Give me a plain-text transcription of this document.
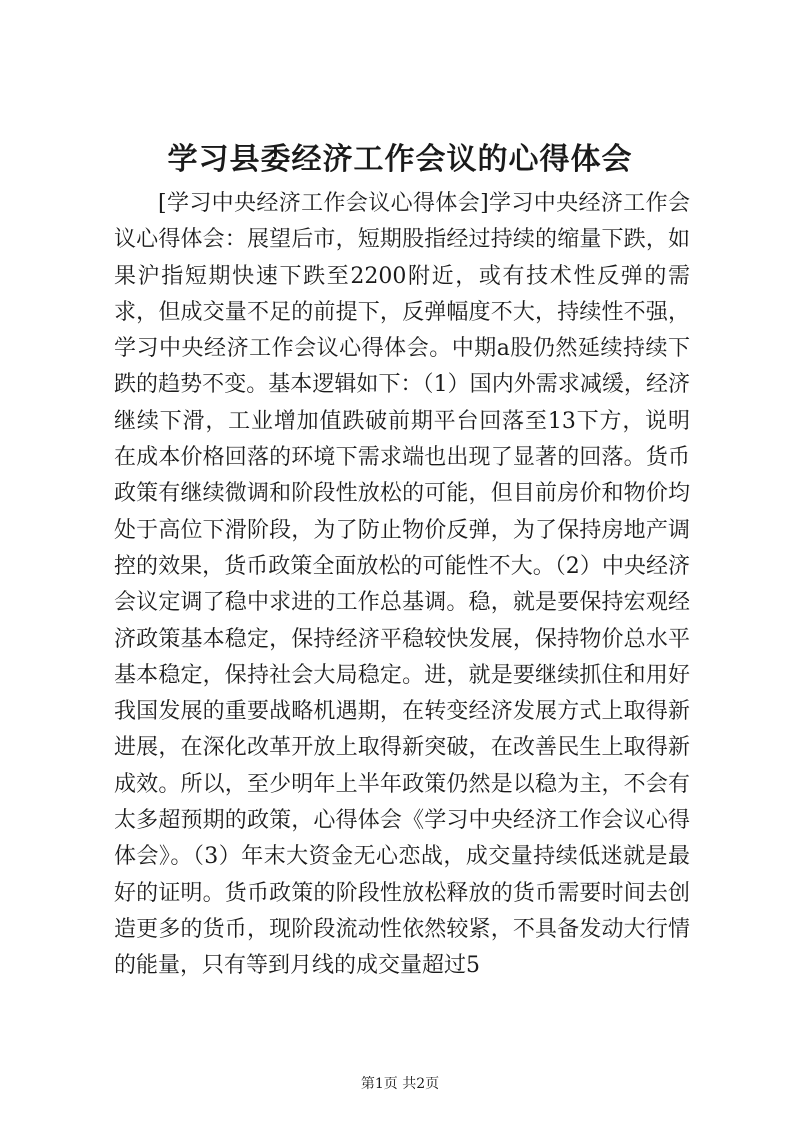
学习县委经济工作会议的心得体会

[学习中央经济工作会议心得体会]学习中央经济工作会议心得体会：展望后市，短期股指经过持续的缩量下跌，如果沪指短期快速下跌至2200附近，或有技术性反弹的需求，但成交量不足的前提下，反弹幅度不大，持续性不强，学习中央经济工作会议心得体会。中期a股仍然延续持续下跌的趋势不变。基本逻辑如下：（1）国内外需求减缓，经济继续下滑，工业增加值跌破前期平台回落至13下方，说明在成本价格回落的环境下需求端也出现了显著的回落。货币政策有继续微调和阶段性放松的可能，但目前房价和物价均处于高位下滑阶段，为了防止物价反弹，为了保持房地产调控的效果，货币政策全面放松的可能性不大。（2）中央经济会议定调了稳中求进的工作总基调。稳，就是要保持宏观经济政策基本稳定，保持经济平稳较快发展，保持物价总水平基本稳定，保持社会大局稳定。进，就是要继续抓住和用好我国发展的重要战略机遇期，在转变经济发展方式上取得新进展，在深化改革开放上取得新突破，在改善民生上取得新成效。所以，至少明年上半年政策仍然是以稳为主，不会有太多超预期的政策，心得体会《学习中央经济工作会议心得体会》。（3）年末大资金无心恋战，成交量持续低迷就是最好的证明。货币政策的阶段性放松释放的货币需要时间去创造更多的货币，现阶段流动性依然较紧，不具备发动大行情的能量，只有等到月线的成交量超过5

第1页 共2页
